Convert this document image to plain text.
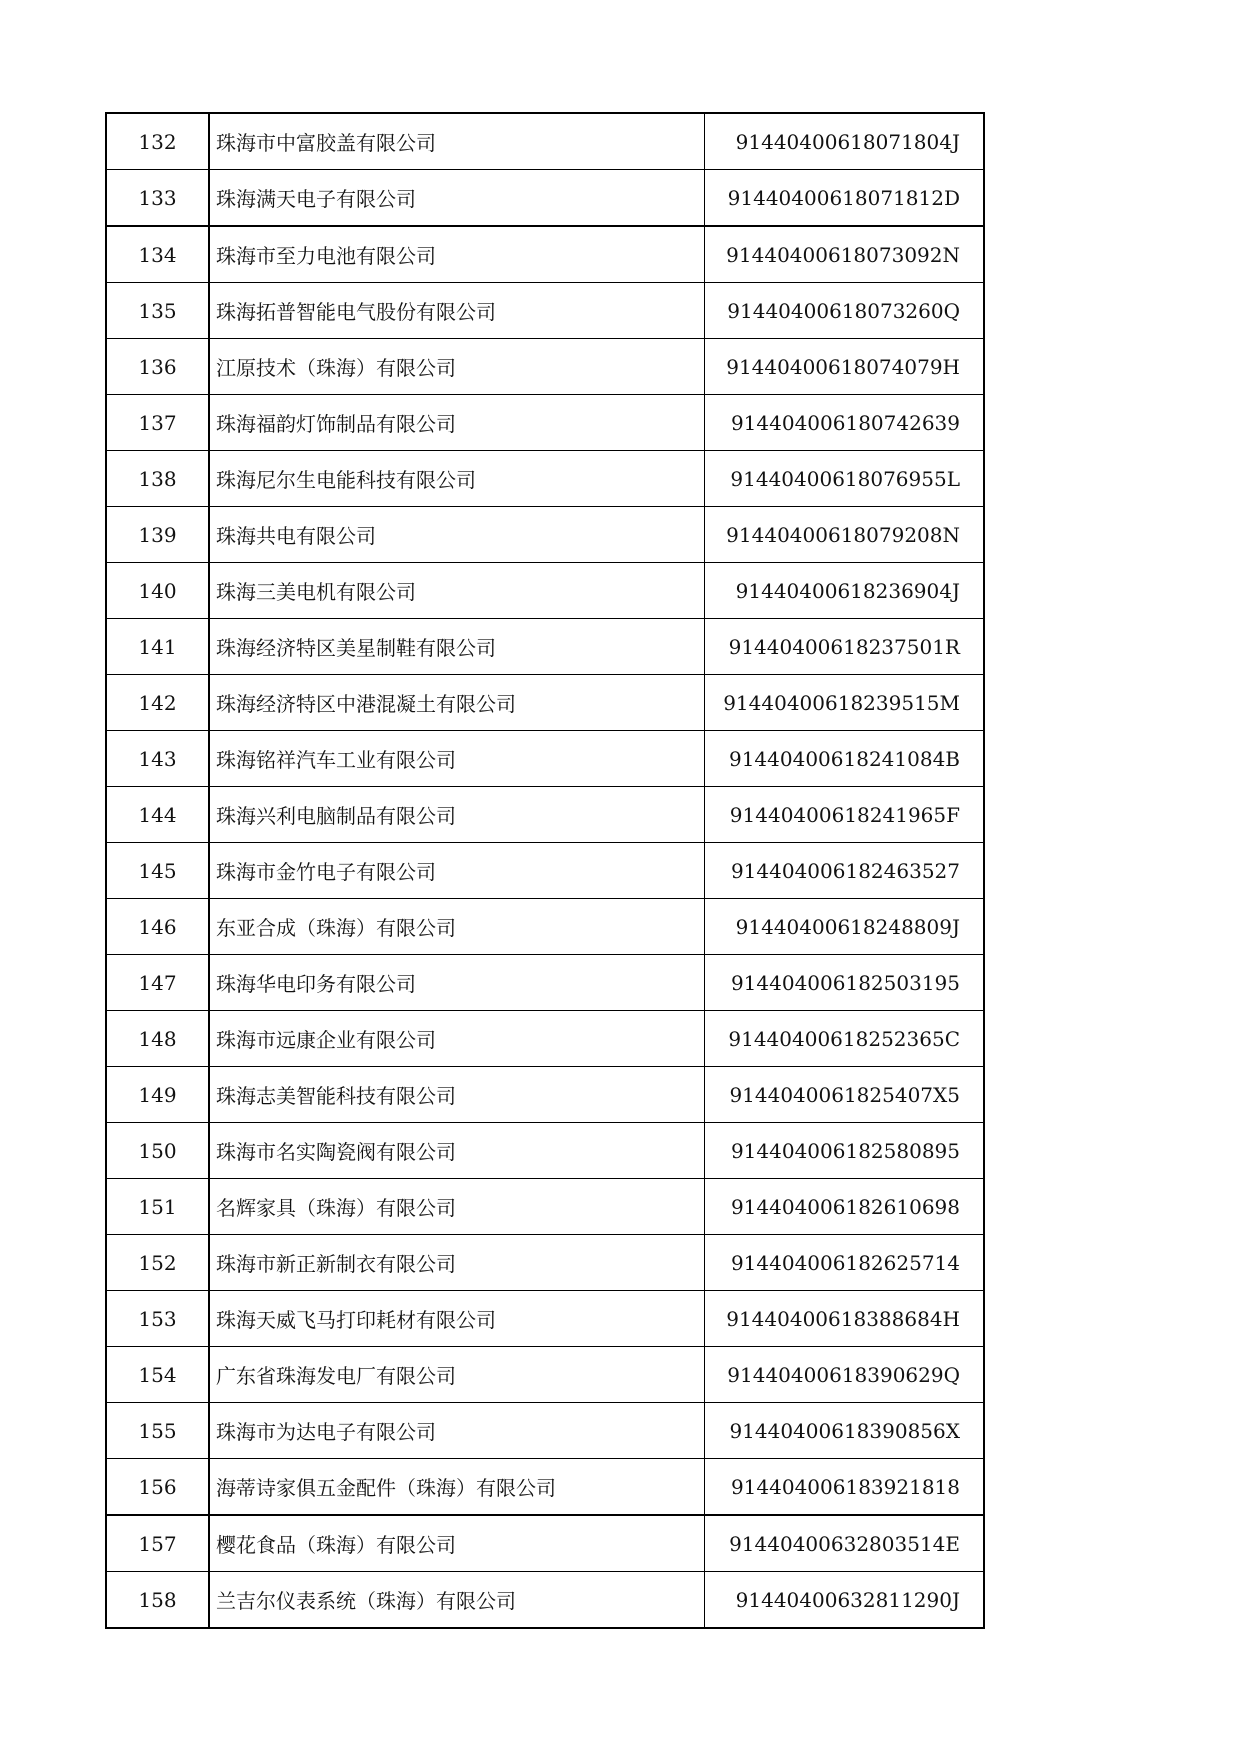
132	珠海市中富胶盖有限公司	91440400618071804J
133	珠海满天电子有限公司	91440400618071812D
134	珠海市至力电池有限公司	91440400618073092N
135	珠海拓普智能电气股份有限公司	91440400618073260Q
136	江原技术（珠海）有限公司	91440400618074079H
137	珠海福韵灯饰制品有限公司	914404006180742639
138	珠海尼尔生电能科技有限公司	91440400618076955L
139	珠海共电有限公司	91440400618079208N
140	珠海三美电机有限公司	91440400618236904J
141	珠海经济特区美星制鞋有限公司	91440400618237501R
142	珠海经济特区中港混凝土有限公司	91440400618239515M
143	珠海铭祥汽车工业有限公司	91440400618241084B
144	珠海兴利电脑制品有限公司	91440400618241965F
145	珠海市金竹电子有限公司	914404006182463527
146	东亚合成（珠海）有限公司	91440400618248809J
147	珠海华电印务有限公司	914404006182503195
148	珠海市远康企业有限公司	91440400618252365C
149	珠海志美智能科技有限公司	9144040061825407X5
150	珠海市名实陶瓷阀有限公司	914404006182580895
151	名辉家具（珠海）有限公司	914404006182610698
152	珠海市新正新制衣有限公司	914404006182625714
153	珠海天威飞马打印耗材有限公司	91440400618388684H
154	广东省珠海发电厂有限公司	91440400618390629Q
155	珠海市为达电子有限公司	91440400618390856X
156	海蒂诗家俱五金配件（珠海）有限公司	914404006183921818
157	樱花食品（珠海）有限公司	91440400632803514E
158	兰吉尔仪表系统（珠海）有限公司	91440400632811290J
